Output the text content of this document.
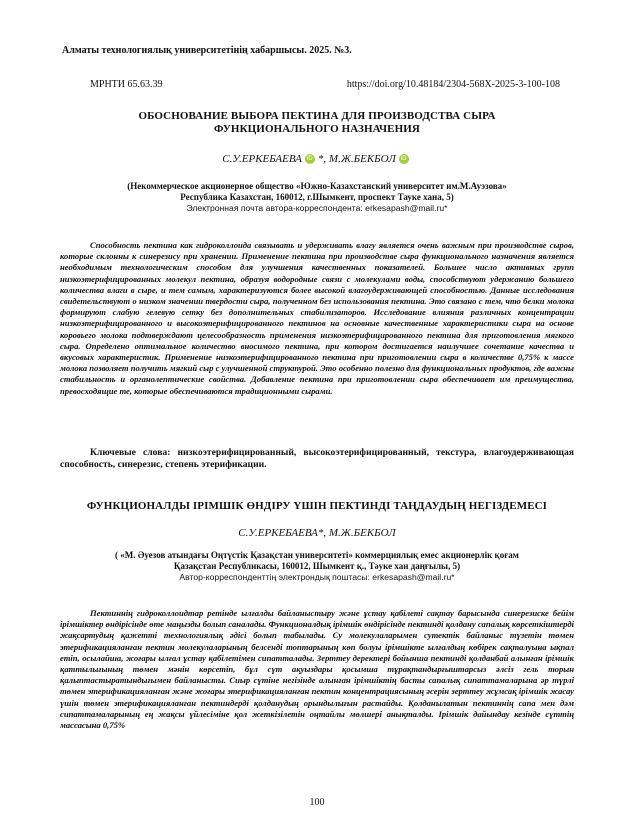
Алматы технологиялық университетінің хабаршысы. 2025. №3.
МРНТИ 65.63.39	https://doi.org/10.48184/2304-568X-2025-3-100-108
ОБОСНОВАНИЕ ВЫБОРА ПЕКТИНА ДЛЯ ПРОИЗВОДСТВА СЫРА
ФУНКЦИОНАЛЬНОГО НАЗНАЧЕНИЯ
С.У.ЕРКЕБАЕВА iD *, М.Ж.БЕКБОЛ iD
(Некоммерческое акционерное общество «Южно-Казахстанский университет им.М.Ауэзова»
Республика Казахстан, 160012, г.Шымкент, проспект Тауке хана, 5)
Электронная почта автора-корреспондента: erkesapash@mail.ru*

Способность пектина как гидроколлоида связывать и удерживать влагу является очень важным при производстве сыров, которые склонны к синерезису при хранении. Применение пектина при производстве сыра функционального назначения является необходимым технологическим способом для улучшения качественных показателей. Большее число активных групп низкоэтерифицированных молекул пектина, образуя водородные связи с молекулами воды, способствуют удержанию большего количества влаги в сыре, и тем самым, характеризуются более высокой влагоудерживающей способностью. Данные исследования свидетельствуют о низком значении твердости сыра, полученном без использования пектина. Это связано с тем, что белки молока формируют слабую гелевую сетку без дополнительных стабилизаторов. Исследование влияния различных концентрации низкоэтерифицированного и высокоэтерифицированного пектинов на основные качественные характеристики сыра на основе коровьего молока подтверждают целесообразность применения низкоэтерифицированного пектина для приготовления мягкого сыра. Определено оптимальное количество вносимого пектина, при котором достигается наилучшее сочетание качества и вкусовых характеристик. Применение низкоэтерифицированного пектина при приготовлении сыра в количестве 0,75% к массе молока позволяет получить мягкий сыр с улучшенной структурой. Это особенно полезно для функциональных продуктов, где важны стабильность и органолептические свойства. Добавление пектина при приготовлении сыра обеспечивает им преимущества, превосходящие те, которые обеспечиваются традиционными сырами.

Ключевые слова: низкоэтерифицированный, высокоэтерифицированный, текстура, влагоудерживающая способность, синерезис, степень этерификации.

ФУНКЦИОНАЛДЫ ІРІМШІК ӨНДІРУ ҮШІН ПЕКТИНДІ ТАҢДАУДЫҢ НЕГІЗДЕМЕСІ
С.У.ЕРКЕБАЕВА*, М.Ж.БЕКБОЛ
( «М. Әуезов атындағы Оңтүстік Қазақстан университеті» коммерциялық емес акционерлік қоғам
Қазақстан Республикасы, 160012, Шымкент қ., Тәуке хан даңғылы, 5)
Автор-корреспонденттің электрондық поштасы: erkesapash@mail.ru*

Пектиннің гидроколлоидтар ретінде ылғалды байланыстыру және ұстау қабілеті сақтау барысында синерезиске бейім ірімшіктер өндірісінде өте маңызды болып саналады. Функционалдық ірімшік өндірісінде пектинді қолдану сапалық көрсеткіштерді жақсартудың қажетті технологиялық әдісі болып табылады. Су молекулаларымен сутектік байланыс түзетін төмен этерификацияланған пектин молекулаларының белсенді топтарының көп болуы ірімшікте ылғалдың көбірек сақталуына ықпал етіп, осылайша, жоғары ылғал ұстау қабілетімен сипатталады. Зерттеу деректері бойынша пектинді қолданбай алынған ірімшік қаттылығының төмен мәнін көрсетіп, бұл сүт ақуыздары қосымша тұрақтандырғыштарсыз әлсіз гель торын қалыптастыратындығымен байланысты. Сиыр сүтіне негізінде алынған ірімшіктің басты сапалық сипаттамаларына әр түрлі төмен этерификацияланған және жоғары этерификацияланған пектин концентрациясының әсерін зерттеу жұмсақ ірімшік жасау үшін төмен этерификацияланған пектиндерді қолданудың орындылығын растайды. Қолданылатын пектиннің сапа мен дәм сипаттамаларының ең жақсы үйлесіміне қол жеткізілетін оңтайлы мөлшері анықталды. Ірімшік дайындау кезінде сүттің массасына 0,75%

100
